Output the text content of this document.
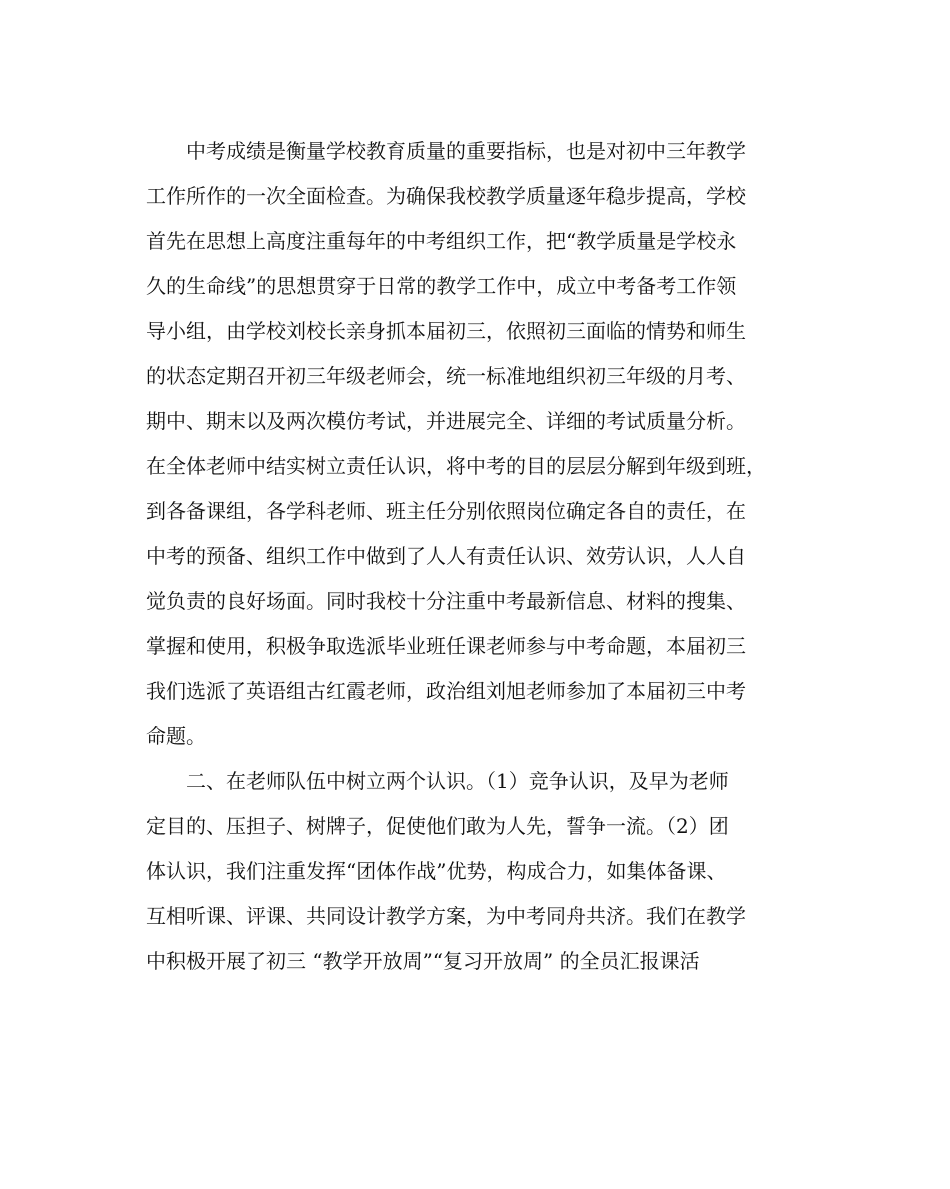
中考成绩是衡量学校教育质量的重要指标，也是对初中三年教学
工作所作的一次全面检查。为确保我校教学质量逐年稳步提高，学校
首先在思想上高度注重每年的中考组织工作，把“教学质量是学校永
久的生命线”的思想贯穿于日常的教学工作中，成立中考备考工作领
导小组，由学校刘校长亲身抓本届初三，依照初三面临的情势和师生
的状态定期召开初三年级老师会，统一标准地组织初三年级的月考、
期中、期末以及两次模仿考试，并进展完全、详细的考试质量分析。
在全体老师中结实树立责任认识，将中考的目的层层分解到年级到班，
到各备课组，各学科老师、班主任分别依照岗位确定各自的责任，在
中考的预备、组织工作中做到了人人有责任认识、效劳认识，人人自
觉负责的良好场面。同时我校十分注重中考最新信息、材料的搜集、
掌握和使用，积极争取选派毕业班任课老师参与中考命题，本届初三
我们选派了英语组古红霞老师，政治组刘旭老师参加了本届初三中考
命题。
二、在老师队伍中树立两个认识。（1）竞争认识，及早为老师
定目的、压担子、树牌子，促使他们敢为人先，誓争一流。（2）团
体认识，我们注重发挥“团体作战”优势，构成合力，如集体备课、
互相听课、评课、共同设计教学方案，为中考同舟共济。我们在教学
中积极开展了初三 “教学开放周”“复习开放周” 的全员汇报课活
